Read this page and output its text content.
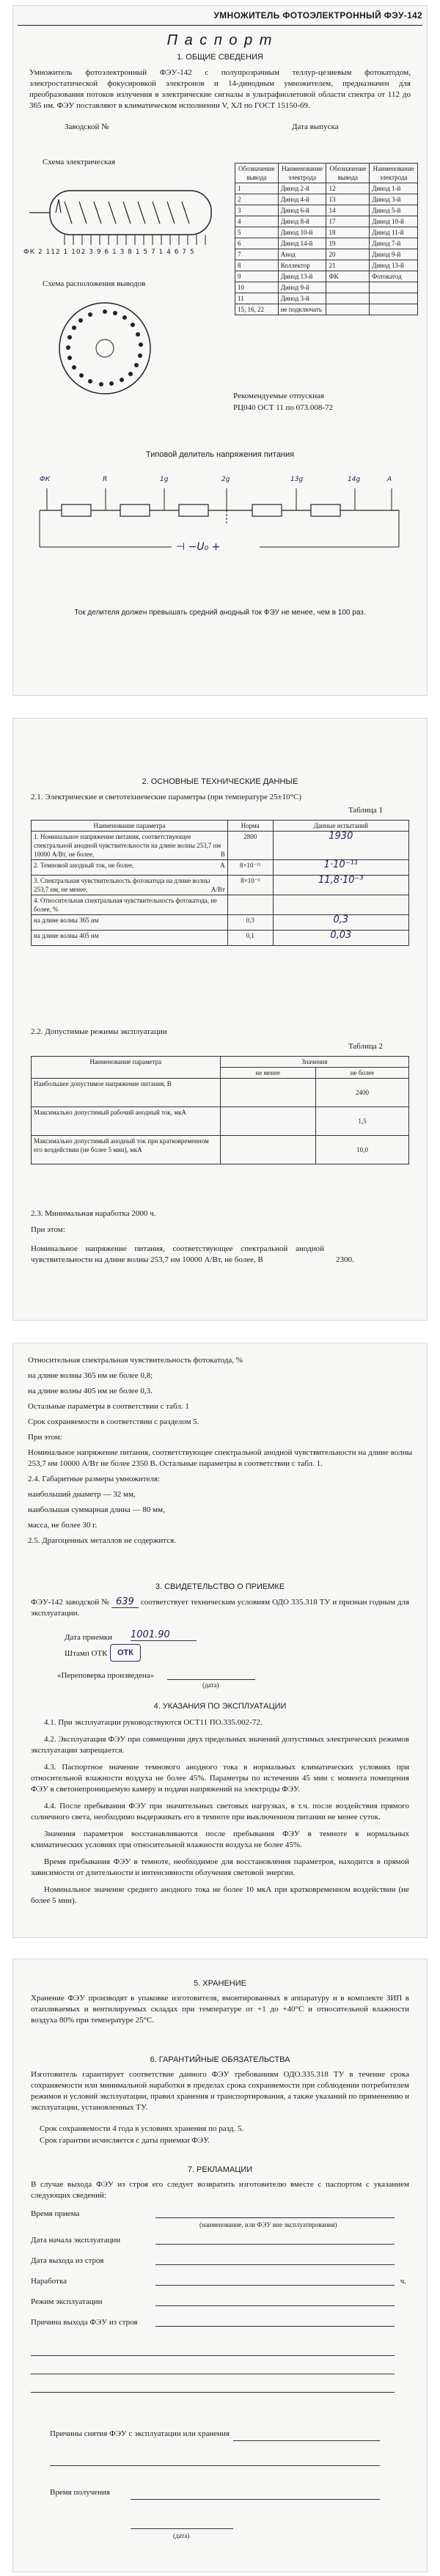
УМНОЖИТЕЛЬ ФОТОЭЛЕКТРОННЫЙ ФЭУ-142
П а с п о р т
1. ОБЩИЕ СВЕДЕНИЯ
Умножитель фотоэлектронный ФЭУ-142 с полупрозрачным теллур-цезиевым фотокатодом, электростатической фокусировкой электронов и 14-динодным умножителем, предназначен для преобразования потоков излучения в электрические сигналы в ультрафиолетовой области спектра от 112 до 365 нм. ФЭУ поставляют в климатическом исполнении V, ХЛ по ГОСТ 15150-69.
Заводской №	Дата выпуска
Схема электрическая
ФК 2 112 1 102 3 9 6 1 3 8 1 5 7 1 4 6 7 5
Схема расположения выводов
Обозначение вывода	Наименование электрода	Обозначение вывода	Наименование электрода
1	Динод 2-й	12	Динод 1-й
2	Динод 4-й	13	Динод 3-й
3	Динод 6-й	14	Динод 5-й
4	Динод 8-й	17	Динод 10-й
5	Динод 10-й	18	Динод 11-й
6	Динод 14-й	19	Динод 7-й
7	Анод	20	Динод 9-й
8	Коллектор	21	Динод 13-й
9	Динод 13-й	ФК	Фотокатод
10	Динод 9-й		
11	Динод 3-й		
15, 16, 22	не подключать		
Рекомендуемые отпускная
РЦ040 ОСТ 11 по 073.008-72
Типовой делитель напряжения питания
ФК	R	1g	2g	13g	14g	A
⊣ −U₀ +
Ток делителя должен превышать средний анодный ток ФЭУ не менее, чем в 100 раз.
2. ОСНОВНЫЕ ТЕХНИЧЕСКИЕ ДАННЫЕ
2.1. Электрические и светотехнические параметры (при температуре 25±10°C)
Таблица 1
Наименование параметра	Норма	Данные испытаний
1. Номинальное напряжение питания, соответствующее спектральной анодной чувствительности на длине волны 253,7 нм 10000 А/Вт, не более, В	2800	1930
2. Темновой анодный ток, не более, А	8×10⁻¹¹	1·10⁻¹¹
3. Спектральная чувствительность фотокатода на длине волны 253,7 нм, не менее, А/Вт	8×10⁻³	11,8·10⁻³
4. Относительная спектральная чувствительность фотокатода, не более, %

на длине волны 365 нм	0,3	0,3
на длине волны 405 нм	0,1	0,03
2.2. Допустимые режимы эксплуатации
Таблица 2
Наименование параметра	Значения	
	не менее	не более
Наибольшее допустимое напряжение питания, В		2400
Максимально допустимый рабочий анодный ток, мкА		1,5
Максимально допустимый анодный ток при кратковременном его воздействии (не более 5 мин), мкА		10,0
2.3. Минимальная наработка 2000 ч.
При этом:
Номинальное напряжение питания, соответствующее спектральной анодной чувствительности на длине волны 253,7 нм 10000 А/Вт, не более, В	2300.
Относительная спектральная чувствительность фотокатода, %
на длине волны 365 нм не более 0,8;
на длине волны 405 нм не более 0,3.
Остальные параметры в соответствии с табл. 1
Срок сохраняемости в соответствии с разделом 5.
При этом:
Номинальное напряжение питания, соответствующее спектральной анодной чувствительности на длине волны 253,7 нм 10000 А/Вт не более 2350 В. Остальные параметры в соответствии с табл. 1.
2.4. Габаритные размеры умножителя:
наибольший диаметр — 32 мм,
наибольшая суммарная длина — 80 мм,
масса, не более 30 г.
2.5. Драгоценных металлов не содержится.
3. СВИДЕТЕЛЬСТВО О ПРИЕМКЕ
ФЭУ-142 заводской № 639 соответствует техническим условиям ОДО 335.318 ТУ и признан годным для эксплуатации.
Дата приемки 1001.90
Штамп ОТК	ОТК
«Переповерка произведена»
(дата)
4. УКАЗАНИЯ ПО ЭКСПЛУАТАЦИИ
4.1. При эксплуатации руководствуются ОСТ11 ПО.335.002-72.
4.2. Эксплуатация ФЭУ при совмещении двух предельных значений допустимых электрических режимов эксплуатации запрещается.
4.3. Паспортное значение темнового анодного тока в нормальных климатических условиях при относительной влажности воздуха не более 45%. Параметры по истечении 45 мин с момента помещения ФЭУ в светонепроницаемую камеру и подачи напряжений на электроды ФЭУ.
4.4. После пребывания ФЭУ при значительных световых нагрузках, в т.ч. после воздействия прямого солнечного света, необходимо выдерживать его в темноте при выключенном питании не менее суток.
Значения параметров восстанавливаются после пребывания ФЭУ в темноте в нормальных климатических условиях при относительной влажности воздуха не более 45%.
Время пребывания ФЭУ в темноте, необходимое для восстановления параметров, находится в прямой зависимости от длительности и интенсивности облучения световой энергии.
Номинальное значение среднего анодного тока не более 10 мкА при кратковременном воздействии (не более 5 мин).
5. ХРАНЕНИЕ
Хранение ФЭУ производят в упаковке изготовителя, вмонтированных в аппаратуру и в комплекте ЗИП в отапливаемых и вентилируемых складах при температуре от +1 до +40°С и относительной влажности воздуха 80% при температуре 25°С.
6. ГАРАНТИЙНЫЕ ОБЯЗАТЕЛЬСТВА
Изготовитель гарантирует соответствие данного ФЭУ требованиям ОДО.335.318 ТУ в течение срока сохраняемости или минимальной наработки в пределах срока сохраняемости при соблюдении потребителем режимов и условий эксплуатации, правил хранения и транспортирования, а также указаний по применению и эксплуатации, установленных ТУ.
Срок сохраняемости 4 года в условиях хранения по разд. 5.
Срок гарантии исчисляется с даты приемки ФЭУ.
7. РЕКЛАМАЦИИ
В случае выхода ФЭУ из строя его следует возвратить изготовителю вместе с паспортом с указанием следующих сведений:
Время приема
(наименование, или ФЭУ вне эксплуатирования)
Дата начала эксплуатации
Дата выхода из строя
Наработка	ч.
Режим эксплуатации
Причина выхода ФЭУ из строя
Причины снятия ФЭУ с эксплуатации или хранения
Время получения
(дата)
